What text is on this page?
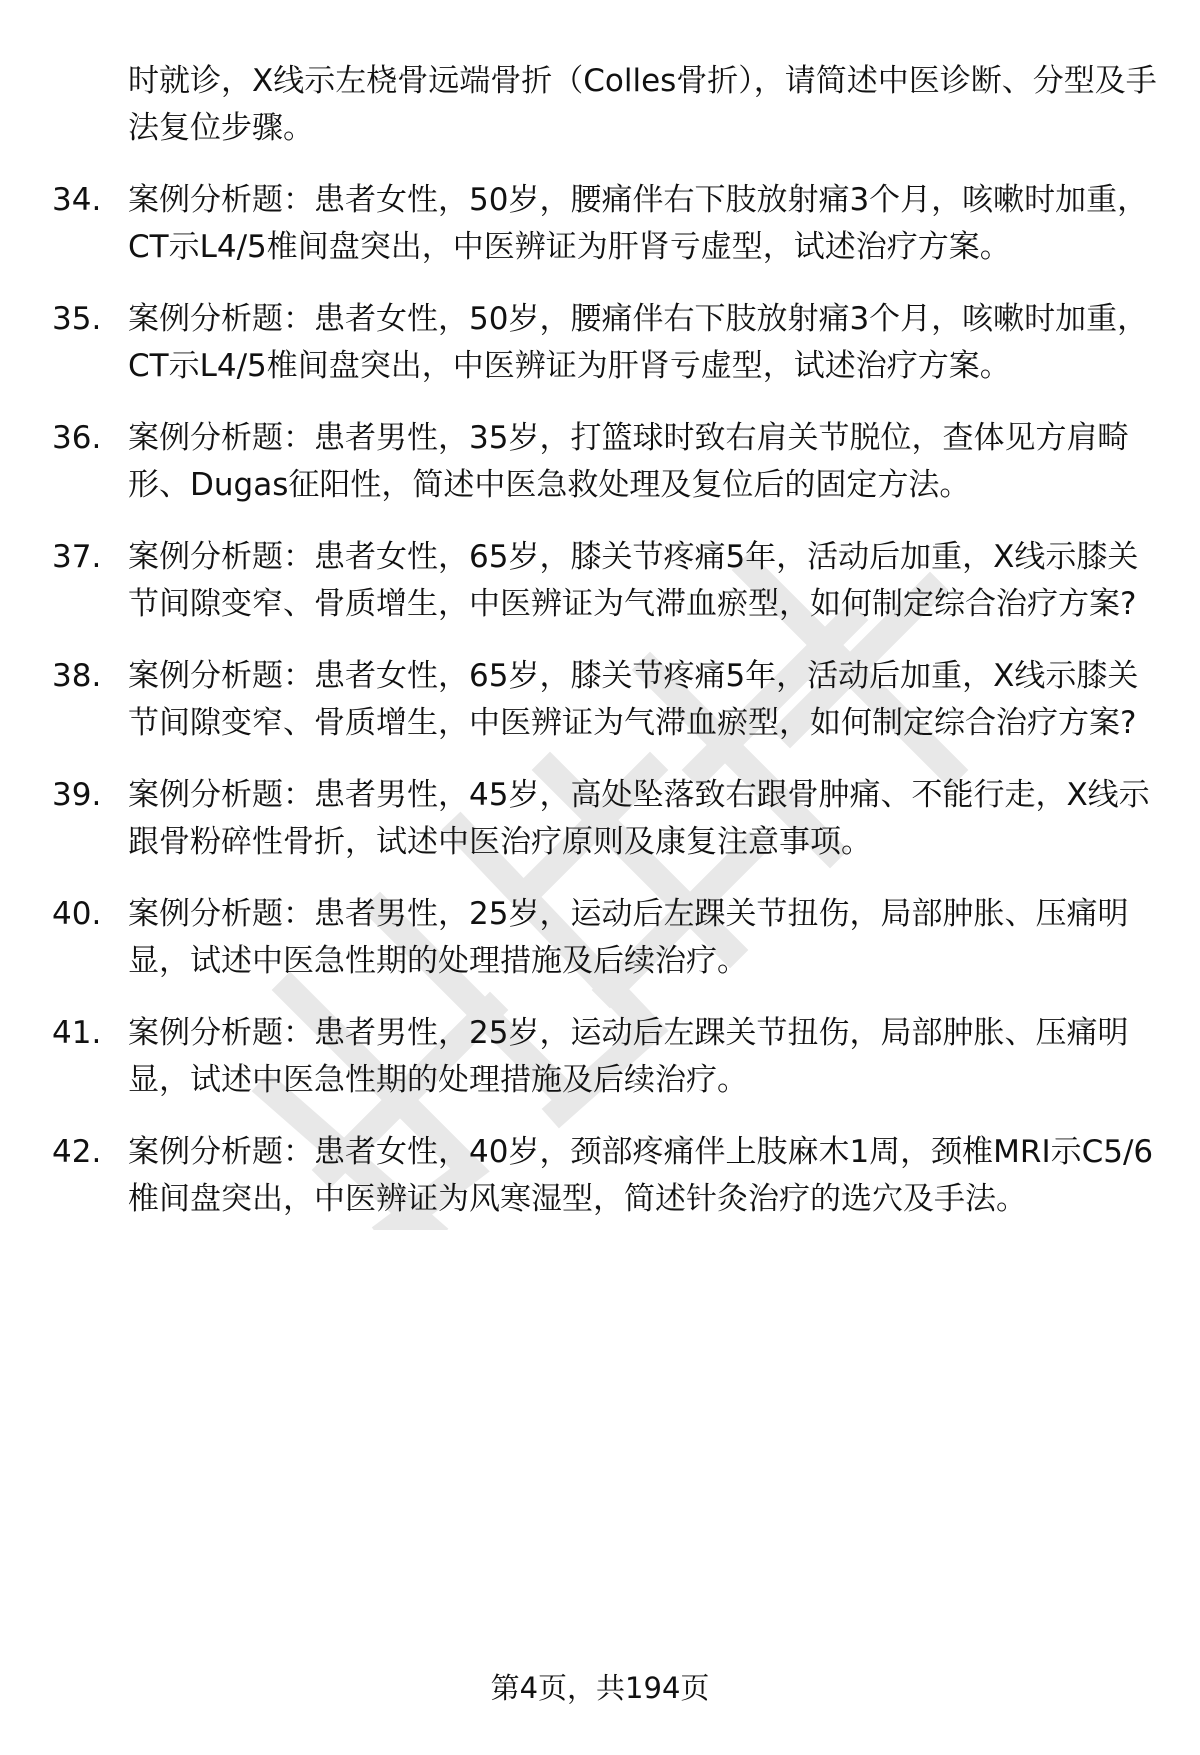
时就诊，X线示左桡骨远端骨折（Colles骨折），请简述中医诊断、分型及手法复位步骤。
34. 案例分析题：患者女性，50岁，腰痛伴右下肢放射痛3个月，咳嗽时加重，CT示L4/5椎间盘突出，中医辨证为肝肾亏虚型，试述治疗方案。
35. 案例分析题：患者女性，50岁，腰痛伴右下肢放射痛3个月，咳嗽时加重，CT示L4/5椎间盘突出，中医辨证为肝肾亏虚型，试述治疗方案。
36. 案例分析题：患者男性，35岁，打篮球时致右肩关节脱位，查体见方肩畸形、Dugas征阳性，简述中医急救处理及复位后的固定方法。
37. 案例分析题：患者女性，65岁，膝关节疼痛5年，活动后加重，X线示膝关节间隙变窄、骨质增生，中医辨证为气滞血瘀型，如何制定综合治疗方案?
38. 案例分析题：患者女性，65岁，膝关节疼痛5年，活动后加重，X线示膝关节间隙变窄、骨质增生，中医辨证为气滞血瘀型，如何制定综合治疗方案?
39. 案例分析题：患者男性，45岁，高处坠落致右跟骨肿痛、不能行走，X线示跟骨粉碎性骨折，试述中医治疗原则及康复注意事项。
40. 案例分析题：患者男性，25岁，运动后左踝关节扭伤，局部肿胀、压痛明显，试述中医急性期的处理措施及后续治疗。
41. 案例分析题：患者男性，25岁，运动后左踝关节扭伤，局部肿胀、压痛明显，试述中医急性期的处理措施及后续治疗。
42. 案例分析题：患者女性，40岁，颈部疼痛伴上肢麻木1周，颈椎MRI示C5/6椎间盘突出，中医辨证为风寒湿型，简述针灸治疗的选穴及手法。
第4页，共194页
